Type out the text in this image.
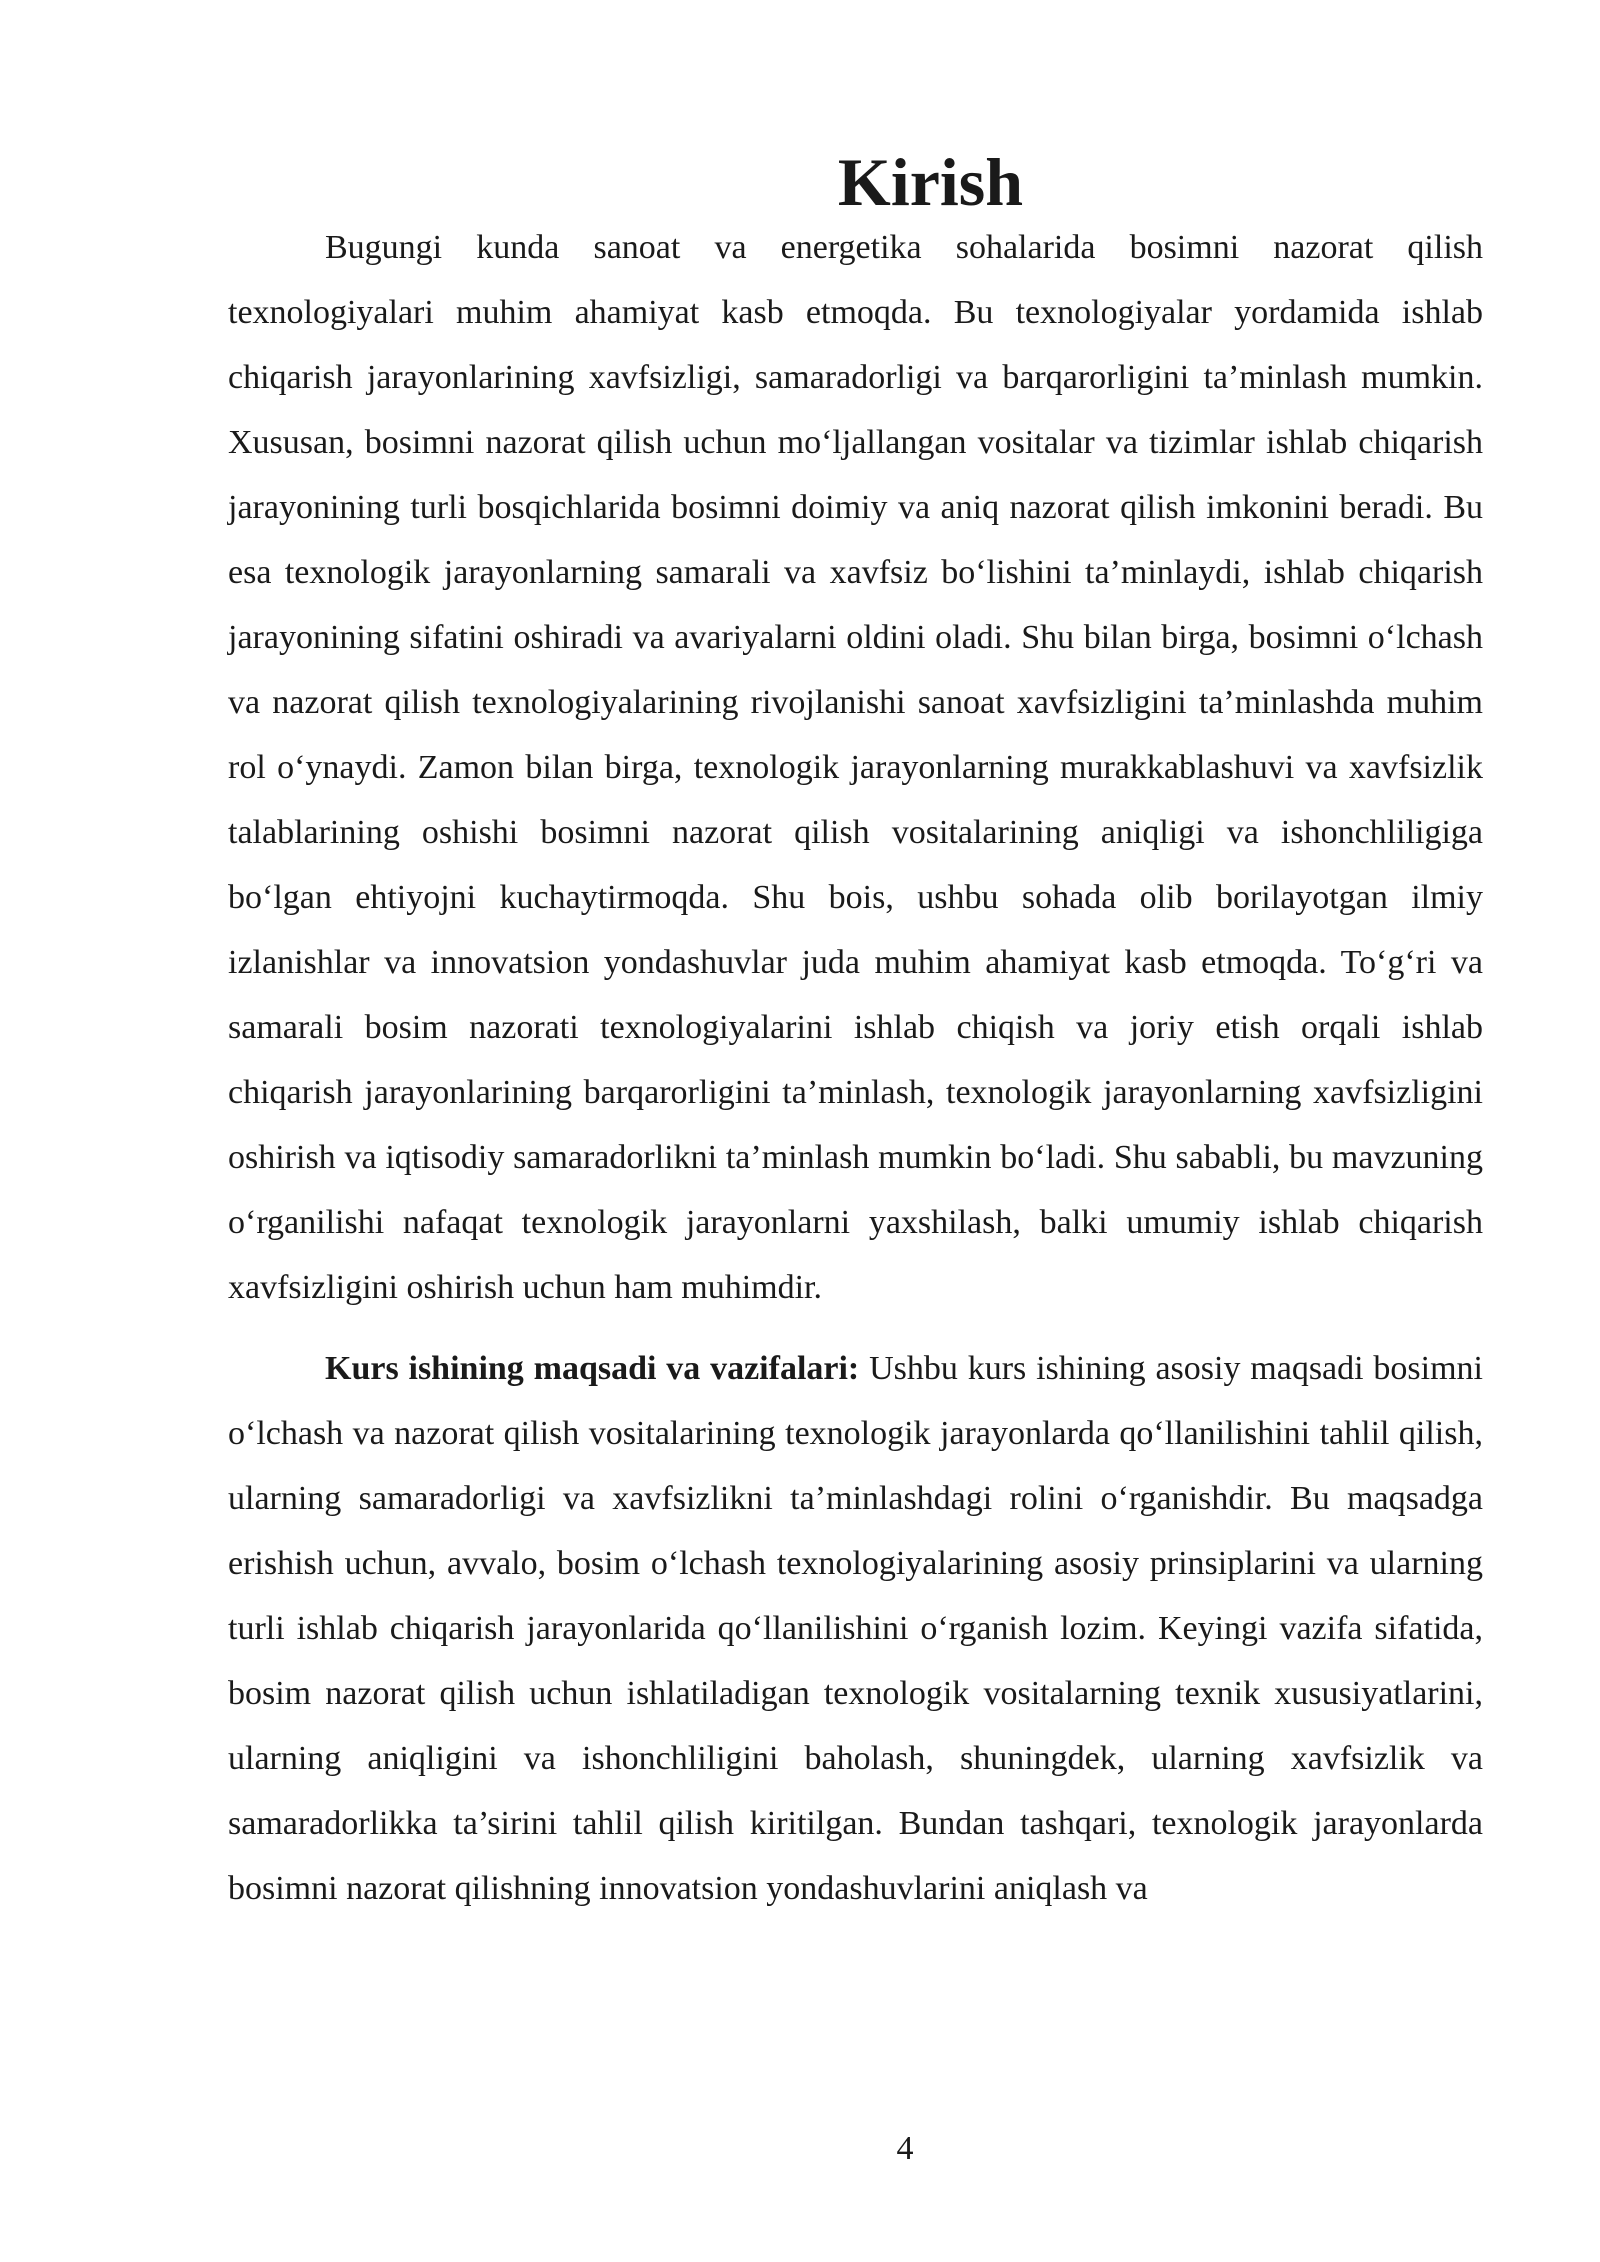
Kirish

Bugungi kunda sanoat va energetika sohalarida bosimni nazorat qilish texnologiyalari muhim ahamiyat kasb etmoqda. Bu texnologiyalar yordamida ishlab chiqarish jarayonlarining xavfsizligi, samaradorligi va barqarorligini ta’minlash mumkin. Xususan, bosimni nazorat qilish uchun mo‘ljallangan vositalar va tizimlar ishlab chiqarish jarayonining turli bosqichlarida bosimni doimiy va aniq nazorat qilish imkonini beradi. Bu esa texnologik jarayonlarning samarali va xavfsiz bo‘lishini ta’minlaydi, ishlab chiqarish jarayonining sifatini oshiradi va avariyalarni oldini oladi. Shu bilan birga, bosimni o‘lchash va nazorat qilish texnologiyalarining rivojlanishi sanoat xavfsizligini ta’minlashda muhim rol o‘ynaydi. Zamon bilan birga, texnologik jarayonlarning murakkablashuvi va xavfsizlik talablarining oshishi bosimni nazorat qilish vositalarining aniqligi va ishonchliligiga bo‘lgan ehtiyojni kuchaytirmoqda. Shu bois, ushbu sohada olib borilayotgan ilmiy izlanishlar va innovatsion yondashuvlar juda muhim ahamiyat kasb etmoqda. To‘g‘ri va samarali bosim nazorati texnologiyalarini ishlab chiqish va joriy etish orqali ishlab chiqarish jarayonlarining barqarorligini ta’minlash, texnologik jarayonlarning xavfsizligini oshirish va iqtisodiy samaradorlikni ta’minlash mumkin bo‘ladi. Shu sababli, bu mavzuning o‘rganilishi nafaqat texnologik jarayonlarni yaxshilash, balki umumiy ishlab chiqarish xavfsizligini oshirish uchun ham muhimdir.

Kurs ishining maqsadi va vazifalari: Ushbu kurs ishining asosiy maqsadi bosimni o‘lchash va nazorat qilish vositalarining texnologik jarayonlarda qo‘llanilishini tahlil qilish, ularning samaradorligi va xavfsizlikni ta’minlashdagi rolini o‘rganishdir. Bu maqsadga erishish uchun, avvalo, bosim o‘lchash texnologiyalarining asosiy prinsiplarini va ularning turli ishlab chiqarish jarayonlarida qo‘llanilishini o‘rganish lozim. Keyingi vazifa sifatida, bosim nazorat qilish uchun ishlatiladigan texnologik vositalarning texnik xususiyatlarini, ularning aniqligini va ishonchliligini baholash, shuningdek, ularning xavfsizlik va samaradorlikka ta’sirini tahlil qilish kiritilgan. Bundan tashqari, texnologik jarayonlarda bosimni nazorat qilishning innovatsion yondashuvlarini aniqlash va

4
